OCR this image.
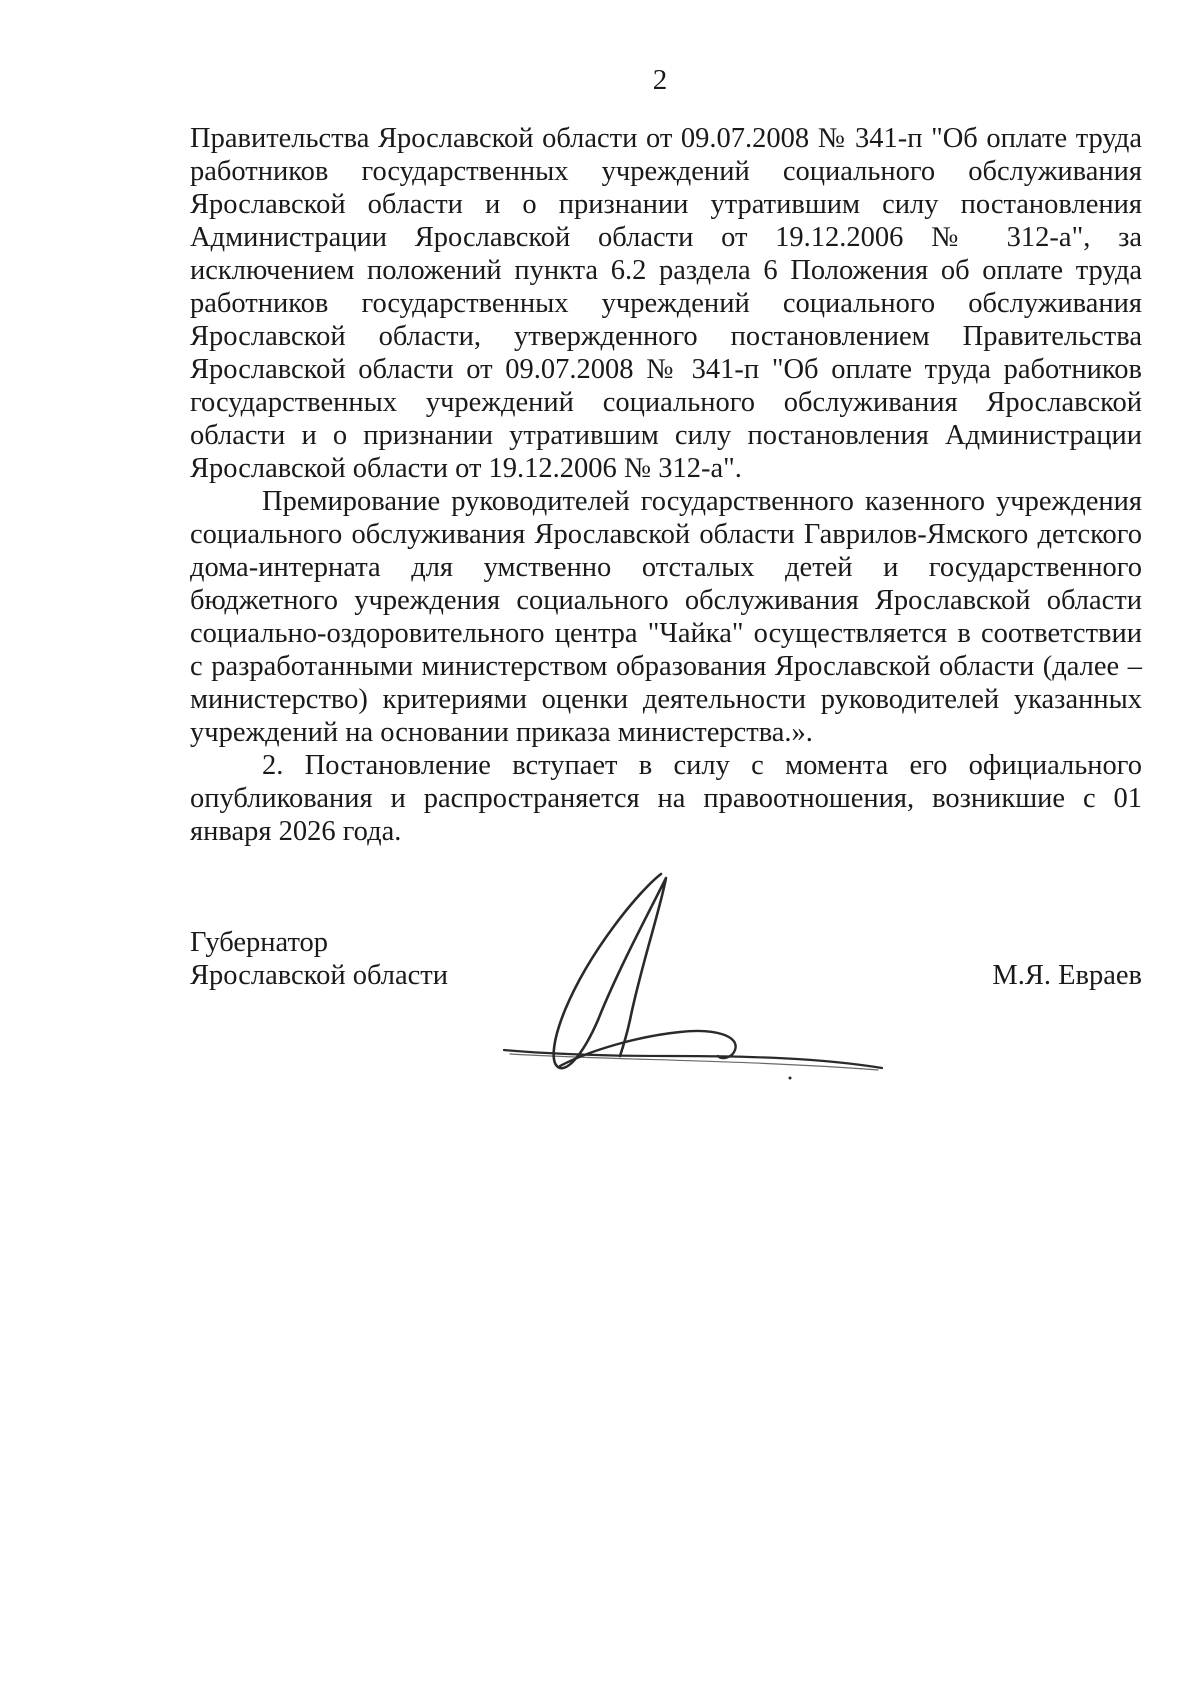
2

Правительства Ярославской области от 09.07.2008 № 341-п "Об оплате труда работников государственных учреждений социального обслуживания Ярославской области и о признании утратившим силу постановления Администрации Ярославской области от 19.12.2006 № 312-а", за исключением положений пункта 6.2 раздела 6 Положения об оплате труда работников государственных учреждений социального обслуживания Ярославской области, утвержденного постановлением Правительства Ярославской области от 09.07.2008 № 341-п "Об оплате труда работников государственных учреждений социального обслуживания Ярославской области и о признании утратившим силу постановления Администрации Ярославской области от 19.12.2006 № 312-а".

Премирование руководителей государственного казенного учреждения социального обслуживания Ярославской области Гаврилов-Ямского детского дома-интерната для умственно отсталых детей и государственного бюджетного учреждения социального обслуживания Ярославской области социально-оздоровительного центра "Чайка" осуществляется в соответствии с разработанными министерством образования Ярославской области (далее – министерство) критериями оценки деятельности руководителей указанных учреждений на основании приказа министерства.».

2. Постановление вступает в силу с момента его официального опубликования и распространяется на правоотношения, возникшие с 01 января 2026 года.

Губернатор
Ярославской области	М.Я. Евраев
